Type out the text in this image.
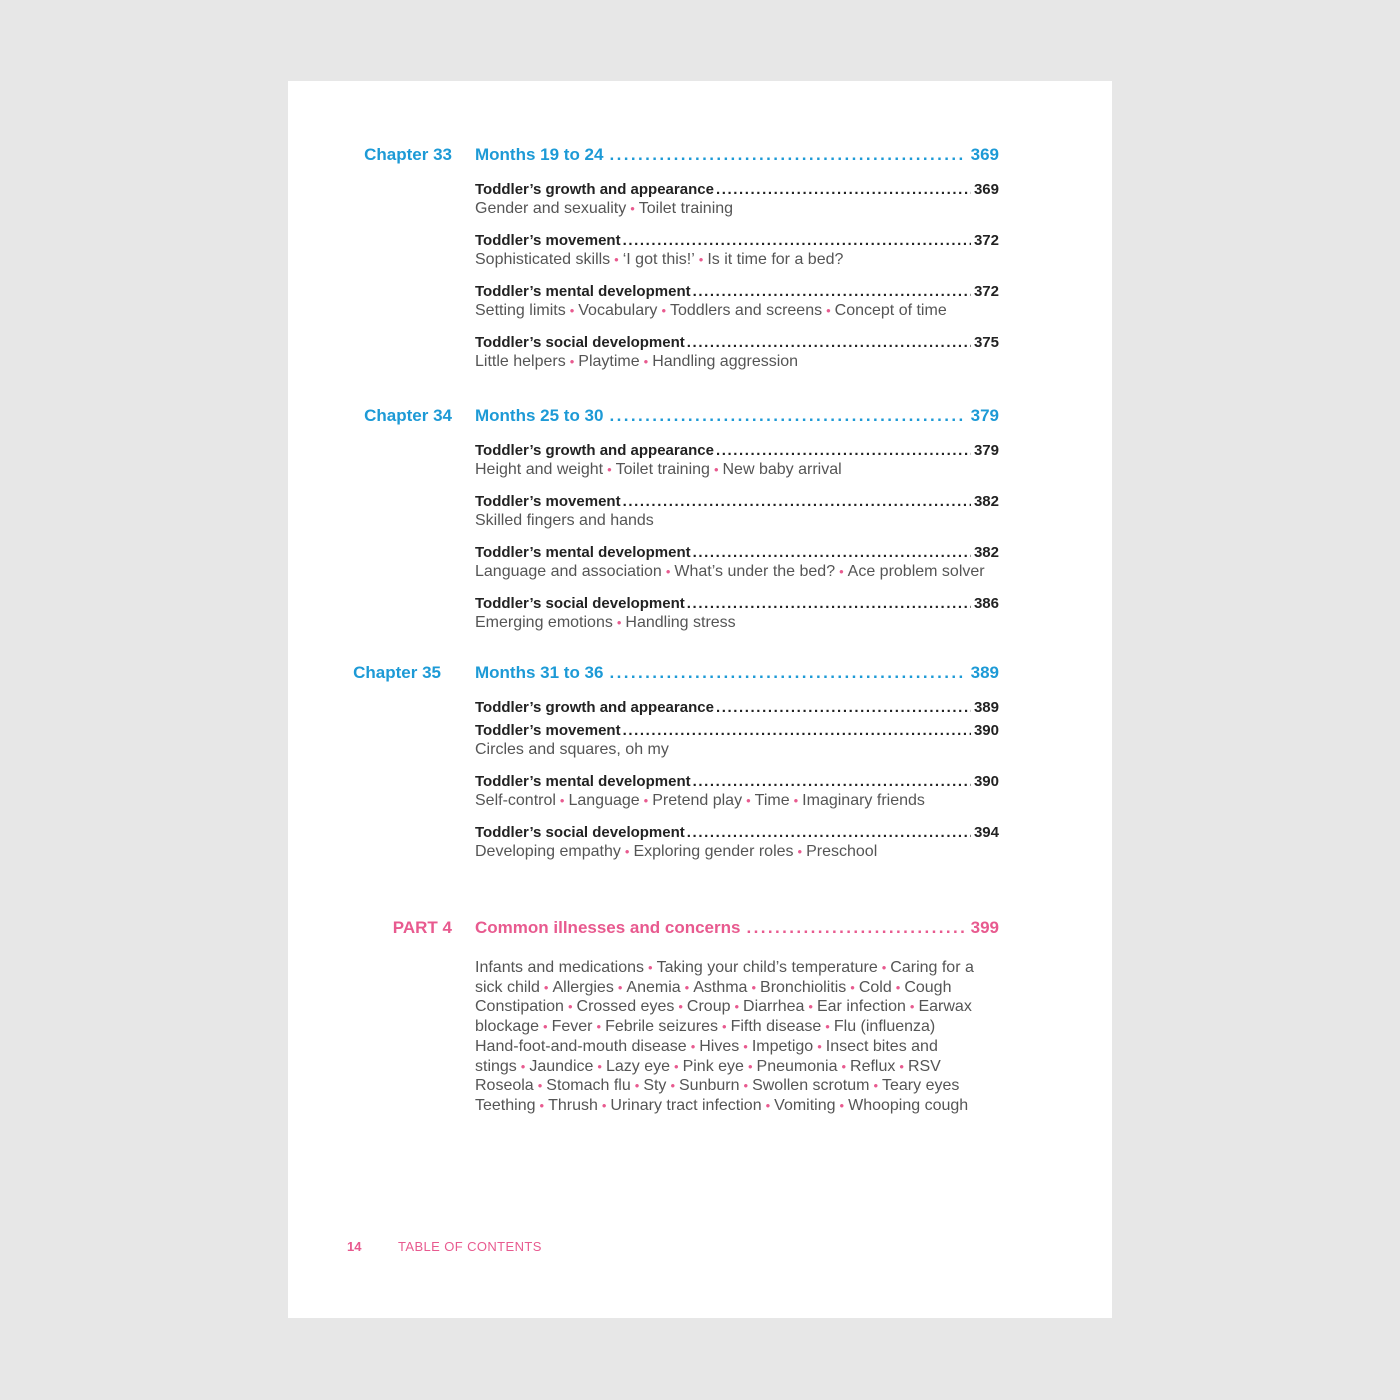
Chapter 33 Months 19 to 24 .....	369
Toddler’s growth and appearance .....	369
Gender and sexuality • Toilet training
Toddler’s movement .....	372
Sophisticated skills • ‘I got this!’ • Is it time for a bed?
Toddler’s mental development .....	372
Setting limits • Vocabulary • Toddlers and screens • Concept of time
Toddler’s social development .....	375
Little helpers • Playtime • Handling aggression
Chapter 34 Months 25 to 30 .....	379
Toddler’s growth and appearance .....	379
Height and weight • Toilet training • New baby arrival
Toddler’s movement .....	382
Skilled fingers and hands
Toddler’s mental development .....	382
Language and association • What’s under the bed? • Ace problem solver
Toddler’s social development .....	386
Emerging emotions • Handling stress
Chapter 35 Months 31 to 36 .....	389
Toddler’s growth and appearance .....	389
Toddler’s movement .....	390
Circles and squares, oh my
Toddler’s mental development .....	390
Self-control • Language • Pretend play • Time • Imaginary friends
Toddler’s social development .....	394
Developing empathy • Exploring gender roles • Preschool
PART 4 Common illnesses and concerns .....	399
Infants and medications • Taking your child’s temperature • Caring for a
sick child • Allergies • Anemia • Asthma • Bronchiolitis • Cold • Cough
Constipation • Crossed eyes • Croup • Diarrhea • Ear infection • Earwax
blockage • Fever • Febrile seizures • Fifth disease • Flu (influenza)
Hand-foot-and-mouth disease • Hives • Impetigo • Insect bites and
stings • Jaundice • Lazy eye • Pink eye • Pneumonia • Reflux • RSV
Roseola • Stomach flu • Sty • Sunburn • Swollen scrotum • Teary eyes
Teething • Thrush • Urinary tract infection • Vomiting • Whooping cough
14	TABLE OF CONTENTS
